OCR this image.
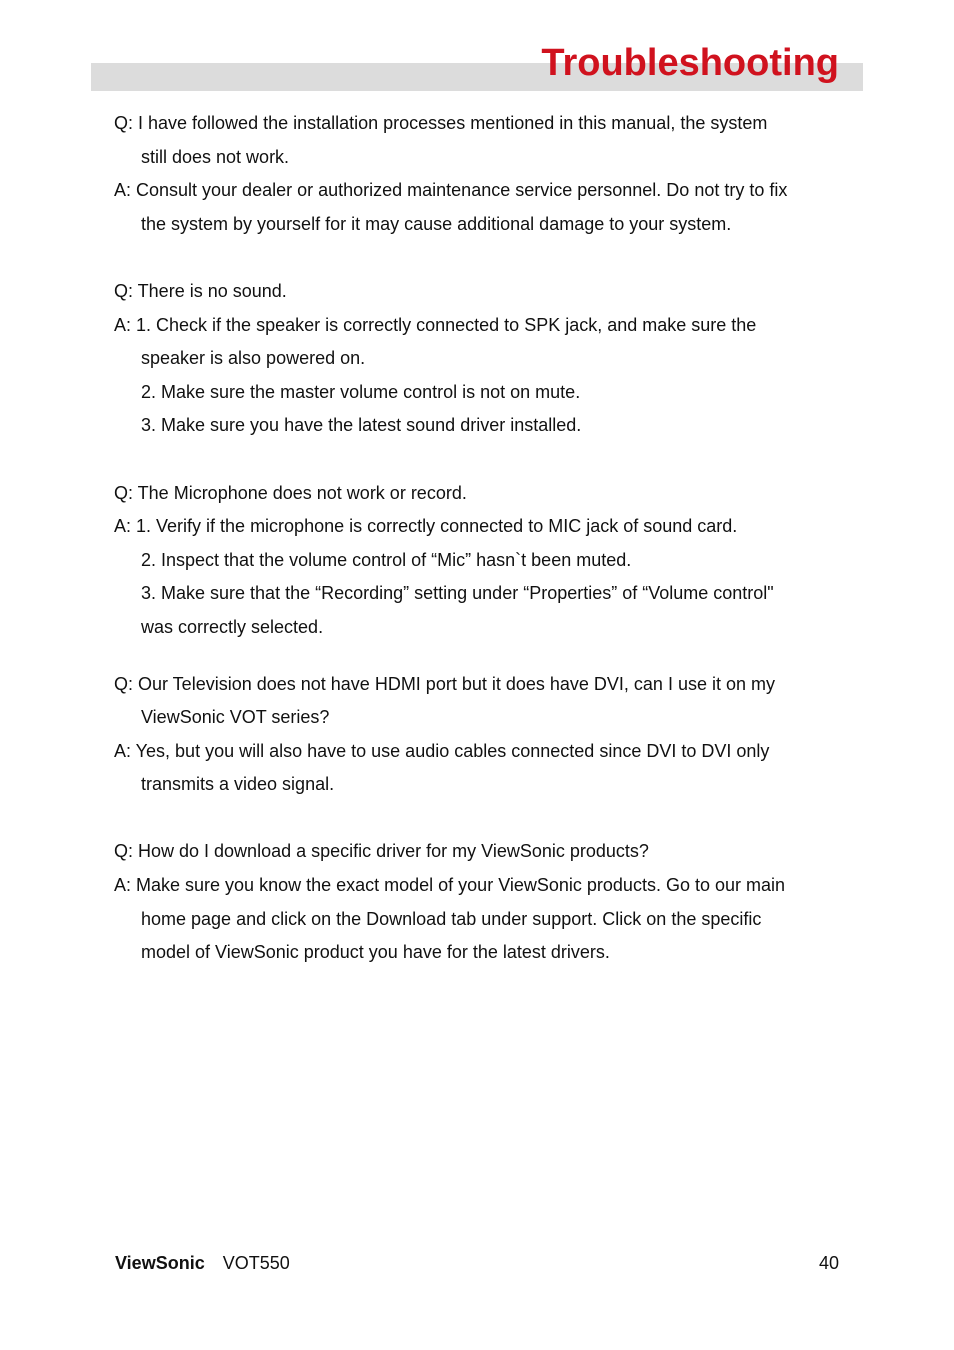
Troubleshooting
Q: I have followed the installation processes mentioned in this manual, the system
still does not work.
A: Consult your dealer or authorized maintenance service personnel. Do not try to fix
the system by yourself for it may cause additional damage to your system.
Q: There is no sound.
A: 1. Check if the speaker is correctly connected to SPK jack, and make sure the
speaker is also powered on.
2. Make sure the master volume control is not on mute.
3. Make sure you have the latest sound driver installed.
Q: The Microphone does not work or record.
A: 1. Verify if the microphone is correctly connected to MIC jack of sound card.
2. Inspect that the volume control of “Mic” hasn`t been muted.
3. Make sure that the “Recording” setting under “Properties” of “Volume control"
was correctly selected.
Q: Our Television does not have HDMI port but it does have DVI, can I use it on my
ViewSonic VOT series?
A: Yes, but you will also have to use audio cables connected since DVI to DVI only
transmits a video signal.
Q: How do I download a specific driver for my ViewSonic products?
A: Make sure you know the exact model of your ViewSonic products. Go to our main
home page and click on the Download tab under support. Click on the specific
model of ViewSonic product you have for the latest drivers.
ViewSonic VOT550	40
